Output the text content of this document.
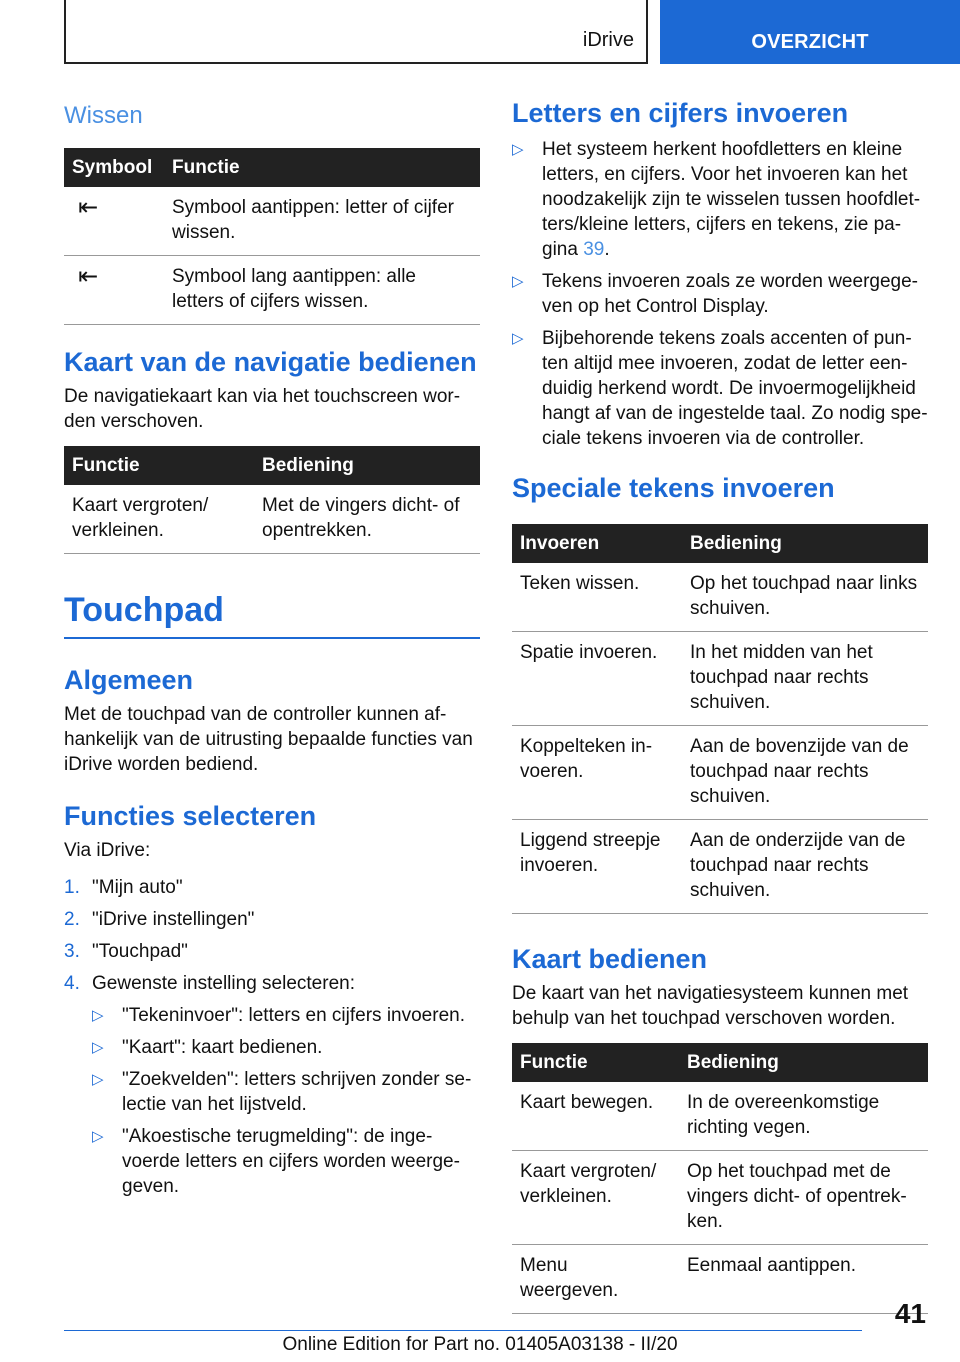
iDrive	OVERZICHT
Wissen
Symbool	Functie
⇤	Symbool aantippen: letter of cijfer wissen.
⇤	Symbool lang aantippen: alle letters of cijfers wissen.
Kaart van de navigatie bedienen

De navigatiekaart kan via het touchscreen wor-den verschoven.

Functie	Bediening
Kaart vergroten/ verkleinen.	Met de vingers dicht- of opentrekken.
Touchpad
Algemeen

Met de touchpad van de controller kunnen af-hankelijk van de uitrusting bepaalde functies van iDrive worden bediend.

Functies selecteren

Via iDrive:

1. "Mijn auto"
2. "iDrive instellingen"
3. "Touchpad"
4. Gewenste instelling selecteren:
▷ "Tekeninvoer": letters en cijfers invoeren.
▷ "Kaart": kaart bedienen.
▷ "Zoekvelden": letters schrijven zonder se-lectie van het lijstveld.
▷ "Akoestische terugmelding": de inge-voerde letters en cijfers worden weerge-geven.
Letters en cijfers invoeren
▷ Het systeem herkent hoofdletters en kleine letters, en cijfers. Voor het invoeren kan het noodzakelijk zijn te wisselen tussen hoofdlet-ters/kleine letters, cijfers en tekens, zie pa-gina 39.
▷ Tekens invoeren zoals ze worden weergege-ven op het Control Display.
▷ Bijbehorende tekens zoals accenten of pun-ten altijd mee invoeren, zodat de letter een-duidig herkend wordt. De invoermogelijkheid hangt af van de ingestelde taal. Zo nodig spe-ciale tekens invoeren via de controller.
Speciale tekens invoeren
Invoeren	Bediening
Teken wissen.	Op het touchpad naar links schuiven.
Spatie invoeren.	In het midden van het touchpad naar rechts schuiven.
Koppelteken in-voeren.	Aan de bovenzijde van de touchpad naar rechts schuiven.
Liggend streepje invoeren.	Aan de onderzijde van de touchpad naar rechts schuiven.
Kaart bedienen

De kaart van het navigatiesysteem kunnen met behulp van het touchpad verschoven worden.

Functie	Bediening
Kaart bewegen.	In de overeenkomstige richting vegen.
Kaart vergroten/ verkleinen.	Op het touchpad met de vingers dicht- of opentrek-ken.
Menu weergeven.	Eenmaal aantippen.
41
Online Edition for Part no. 01405A03138 - II/20
